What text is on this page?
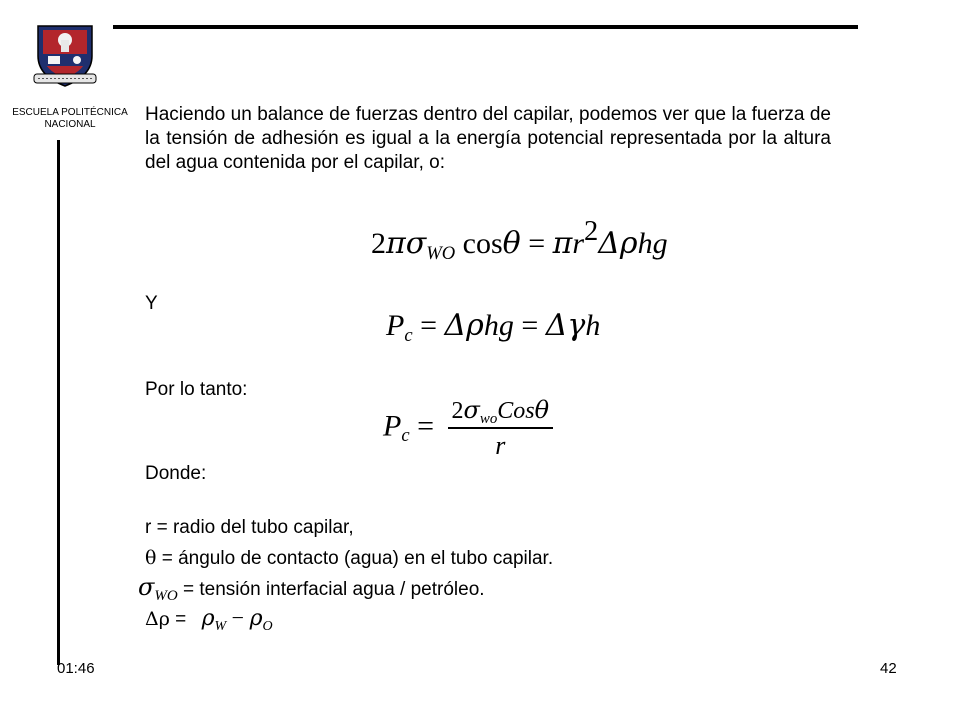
ESCUELA POLITÉCNICA
NACIONAL	Haciendo un balance de fuerzas dentro del capilar, podemos ver que la fuerza de la tensión de adhesión es igual a la energía potencial representada por la altura del agua contenida por el capilar, o:
2πσWO cosθ = πr2Δρhg
Y
Pc = Δρhg = Δγh
Por lo tanto:
$Pc = \frac{\text{2σwoCosθ}}{r}$
Donde:
r = radio del tubo capilar,
θ = ángulo de contacto (agua) en el tubo capilar.
$\sigma_{WO}$ = tensión interfacial agua / petróleo.
$\Delta\rho = \rho_W - \rho_O$
01:46	42
